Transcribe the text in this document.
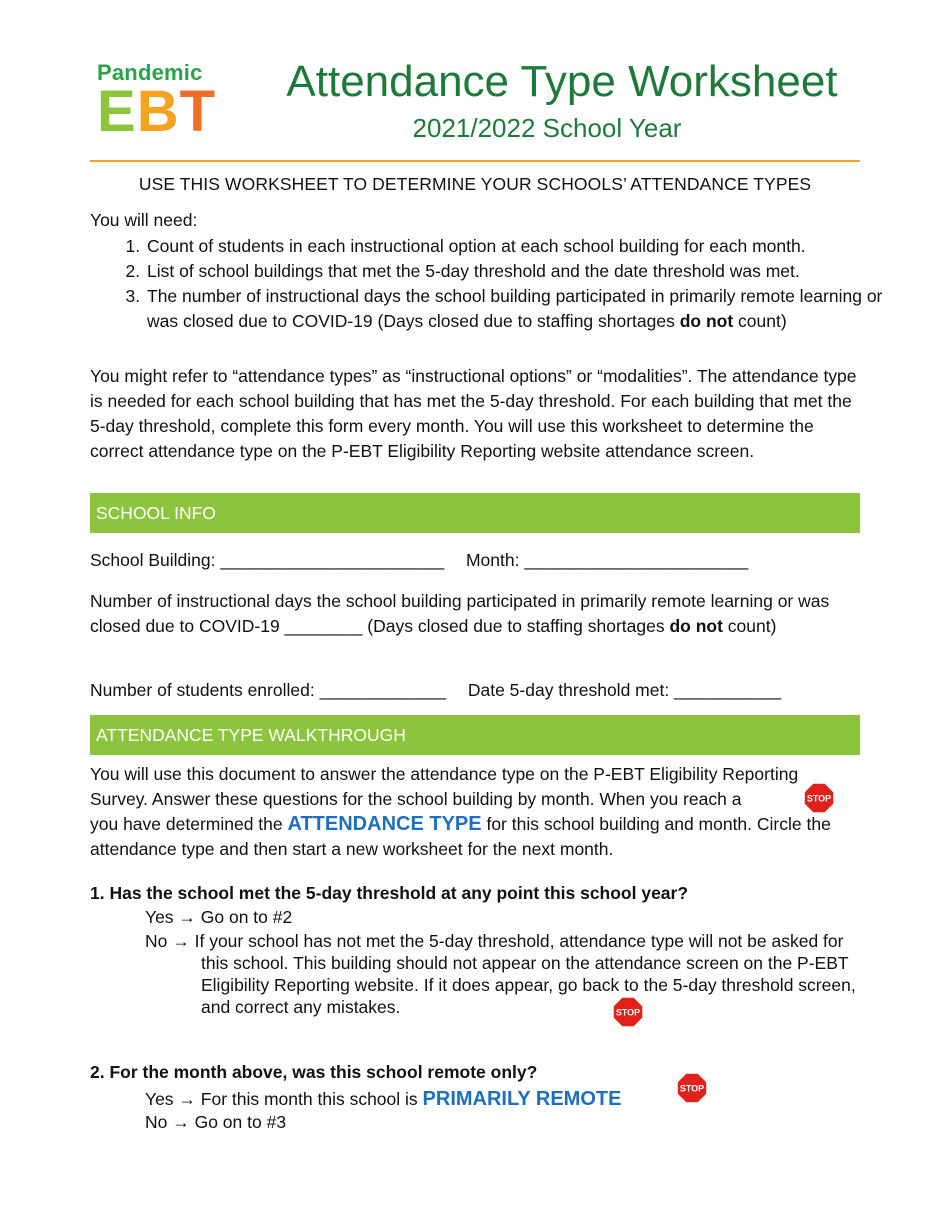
Pandemic
EBT	Attendance Type Worksheet
2021/2022 School Year
USE THIS WORKSHEET TO DETERMINE YOUR SCHOOLS’ ATTENDANCE TYPES
You will need:
1. Count of students in each instructional option at each school building for each month.
2. List of school buildings that met the 5-day threshold and the date threshold was met.
3. The number of instructional days the school building participated in primarily remote learning or was closed due to COVID-19 (Days closed due to staffing shortages do not count)
You might refer to “attendance types” as “instructional options” or “modalities”. The attendance type is needed for each school building that has met the 5-day threshold. For each building that met the 5-day threshold, complete this form every month. You will use this worksheet to determine the correct attendance type on the P-EBT Eligibility Reporting website attendance screen.
SCHOOL INFO
School Building: _______________________ Month: _______________________
Number of instructional days the school building participated in primarily remote learning or was closed due to COVID-19 ________ (Days closed due to staffing shortages do not count)
Number of students enrolled: _____________ Date 5-day threshold met: ___________
ATTENDANCE TYPE WALKTHROUGH
You will use this document to answer the attendance type on the P-EBT Eligibility Reporting Survey. Answer these questions for the school building by month. When you reach a
you have determined the ATTENDANCE TYPE for this school building and month. Circle the attendance type and then start a new worksheet for the next month.
STOP
1. Has the school met the 5-day threshold at any point this school year?
Yes → Go on to #2
No → If your school has not met the 5-day threshold, attendance type will not be asked for this school. This building should not appear on the attendance screen on the P-EBT Eligibility Reporting website. If it does appear, go back to the 5-day threshold screen, and correct any mistakes.	STOP
2. For the month above, was this school remote only?
Yes → For this month this school is PRIMARILY REMOTE	STOP
No → Go on to #3
